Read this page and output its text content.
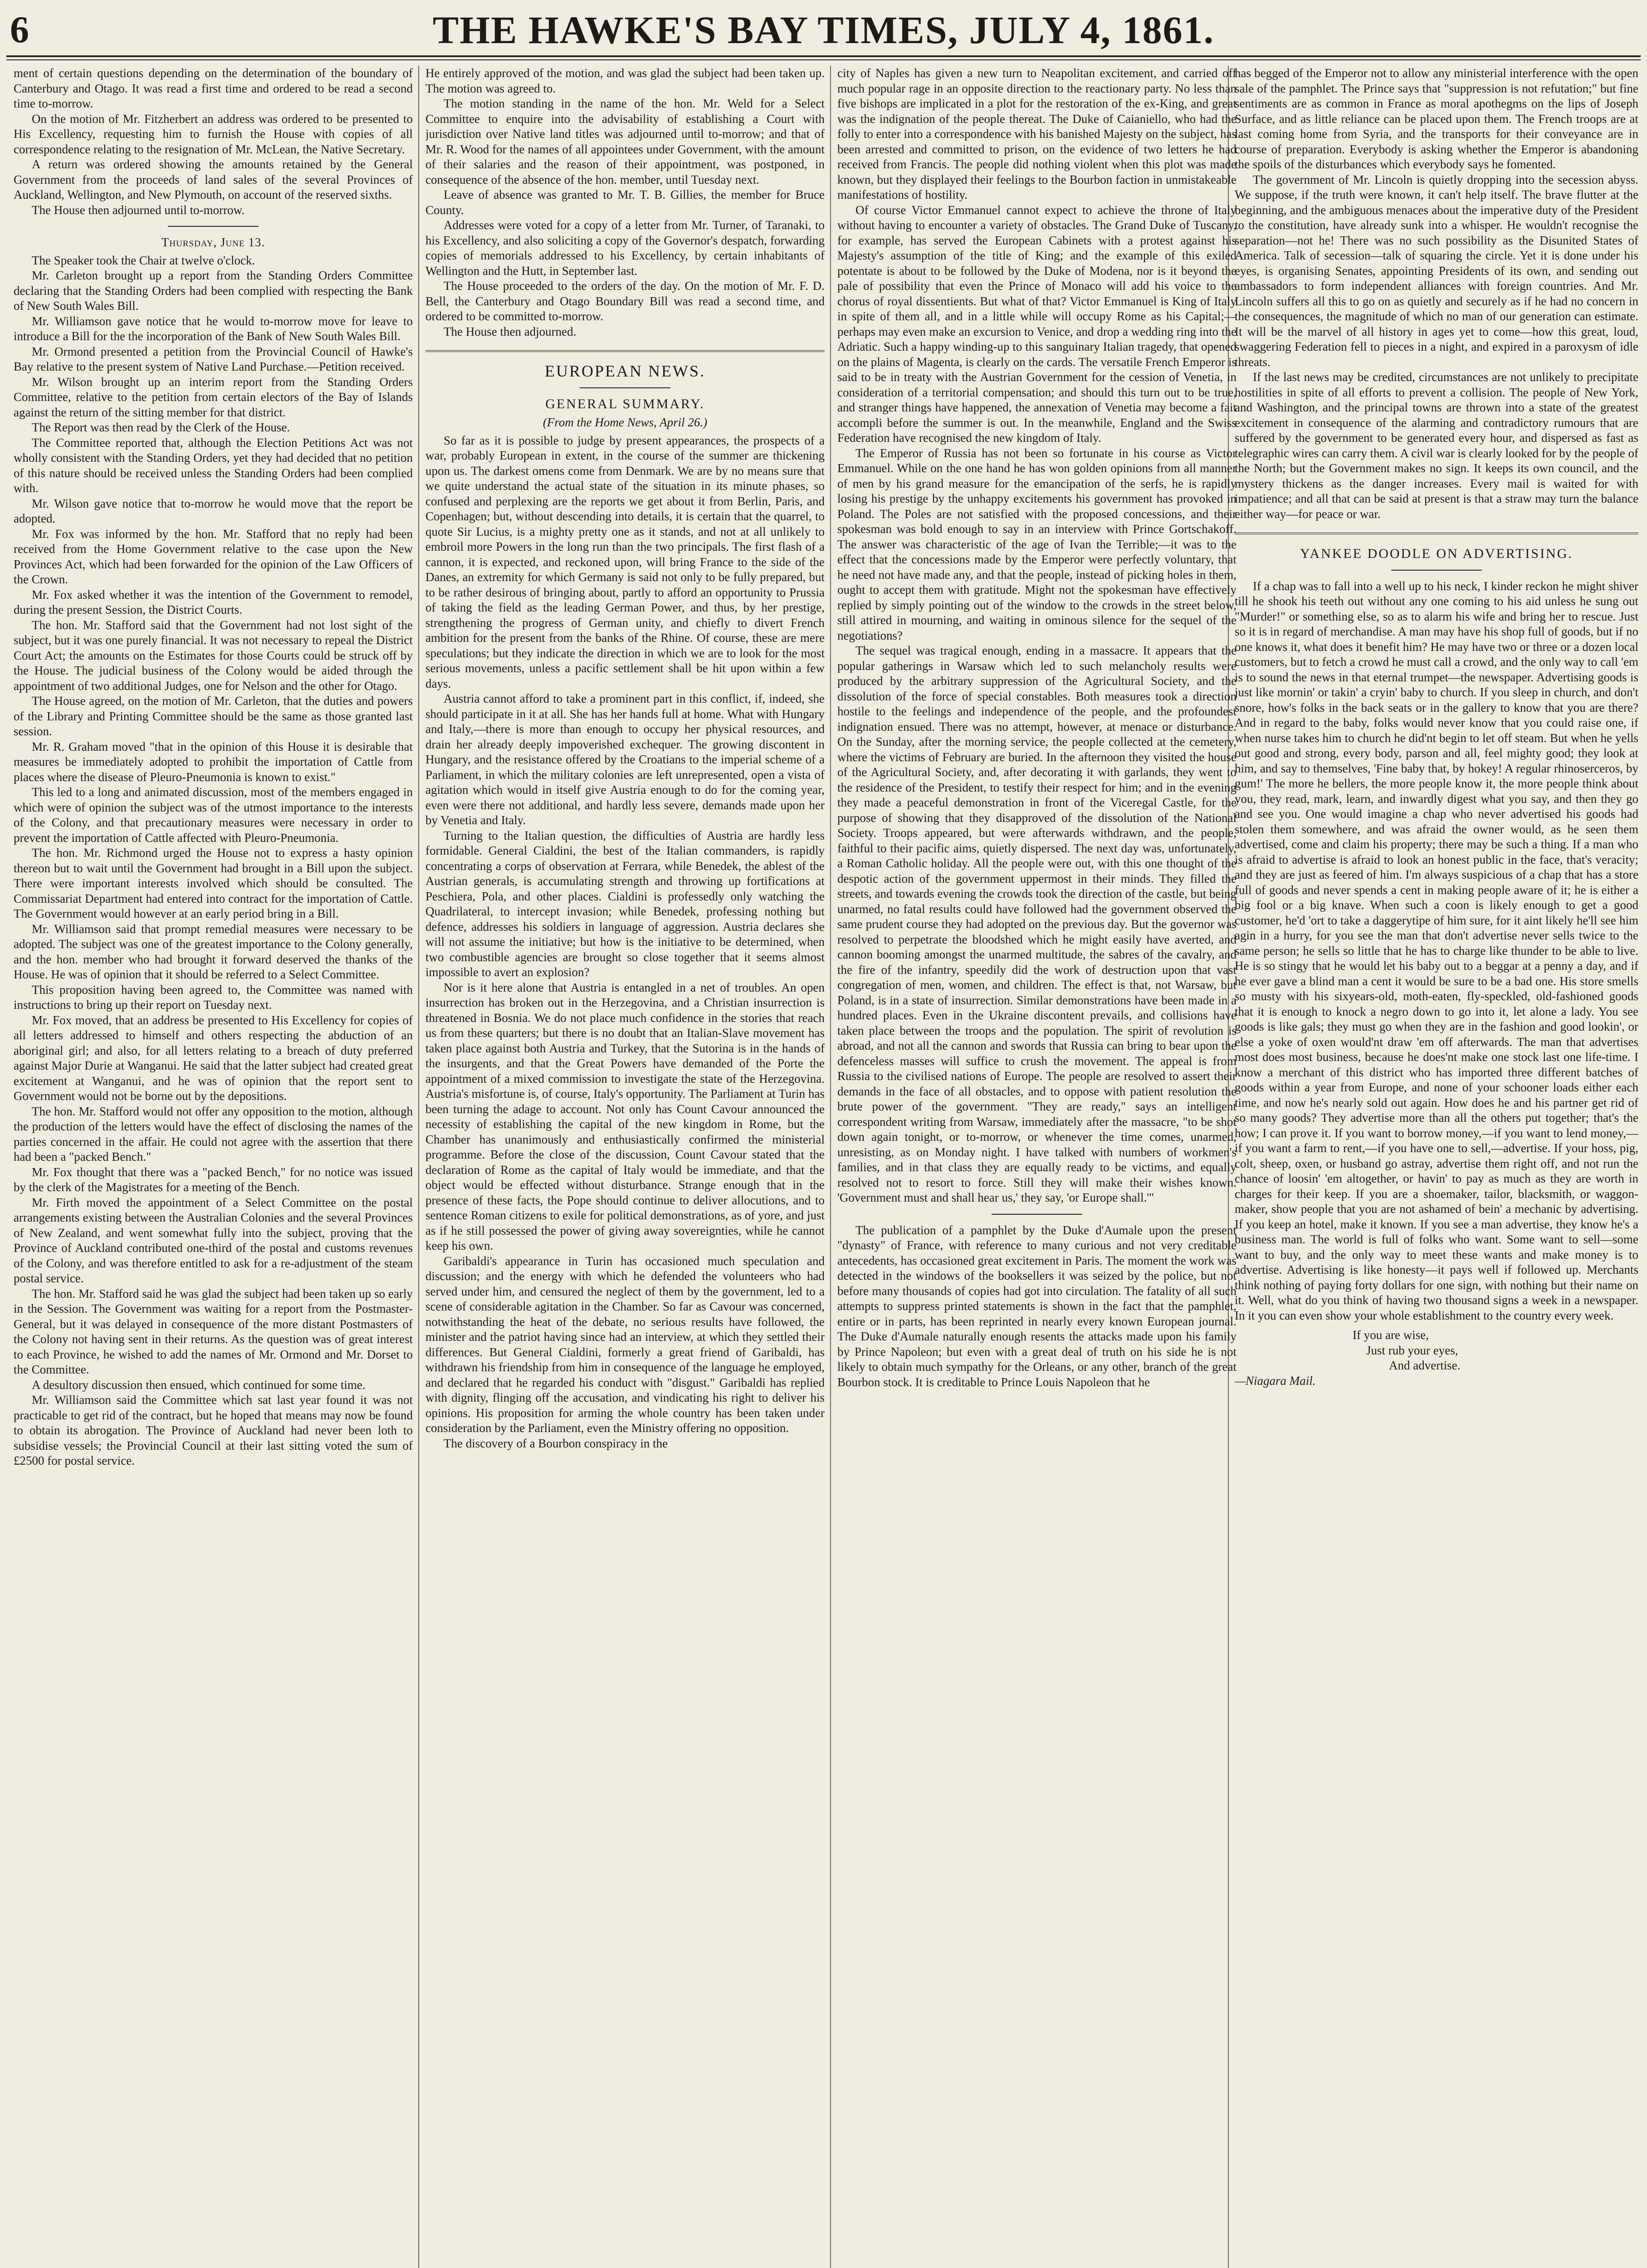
6	THE HAWKE'S BAY TIMES, JULY 4, 1861.

ment of certain questions depending on the determination of the boundary of Canterbury and Otago. It was read a first time and ordered to be read a second time to-morrow.

On the motion of Mr. Fitzherbert an address was ordered to be presented to His Excellency, requesting him to furnish the House with copies of all correspondence relating to the resignation of Mr. McLean, the Native Secretary.

A return was ordered showing the amounts retained by the General Government from the proceeds of land sales of the several Provinces of Auckland, Wellington, and New Plymouth, on account of the reserved sixths.

The House then adjourned until to-morrow.

Thursday, June 13.

The Speaker took the Chair at twelve o'clock.

Mr. Carleton brought up a report from the Standing Orders Committee declaring that the Standing Orders had been complied with respecting the Bank of New South Wales Bill.

Mr. Williamson gave notice that he would to-morrow move for leave to introduce a Bill for the the incorporation of the Bank of New South Wales Bill.

Mr. Ormond presented a petition from the Provincial Council of Hawke's Bay relative to the present system of Native Land Purchase.—Petition received.

Mr. Wilson brought up an interim report from the Standing Orders Committee, relative to the petition from certain electors of the Bay of Islands against the return of the sitting member for that district.

The Report was then read by the Clerk of the House.

The Committee reported that, although the Election Petitions Act was not wholly consistent with the Standing Orders, yet they had decided that no petition of this nature should be received unless the Standing Orders had been complied with.

Mr. Wilson gave notice that to-morrow he would move that the report be adopted.

Mr. Fox was informed by the hon. Mr. Stafford that no reply had been received from the Home Government relative to the case upon the New Provinces Act, which had been forwarded for the opinion of the Law Officers of the Crown.

Mr. Fox asked whether it was the intention of the Government to remodel, during the present Session, the District Courts.

The hon. Mr. Stafford said that the Government had not lost sight of the subject, but it was one purely financial. It was not necessary to repeal the District Court Act; the amounts on the Estimates for those Courts could be struck off by the House. The judicial business of the Colony would be aided through the appointment of two additional Judges, one for Nelson and the other for Otago.

The House agreed, on the motion of Mr. Carleton, that the duties and powers of the Library and Printing Committee should be the same as those granted last session.

Mr. R. Graham moved "that in the opinion of this House it is desirable that measures be immediately adopted to prohibit the importation of Cattle from places where the disease of Pleuro-Pneumonia is known to exist."

This led to a long and animated discussion, most of the members engaged in which were of opinion the subject was of the utmost importance to the interests of the Colony, and that precautionary measures were necessary in order to prevent the importation of Cattle affected with Pleuro-Pneumonia.

The hon. Mr. Richmond urged the House not to express a hasty opinion thereon but to wait until the Government had brought in a Bill upon the subject. There were important interests involved which should be consulted. The Commissariat Department had entered into contract for the importation of Cattle. The Government would however at an early period bring in a Bill.

Mr. Williamson said that prompt remedial measures were necessary to be adopted. The subject was one of the greatest importance to the Colony generally, and the hon. member who had brought it forward deserved the thanks of the House. He was of opinion that it should be referred to a Select Committee.

This proposition having been agreed to, the Committee was named with instructions to bring up their report on Tuesday next.

Mr. Fox moved, that an address be presented to His Excellency for copies of all letters addressed to himself and others respecting the abduction of an aboriginal girl; and also, for all letters relating to a breach of duty preferred against Major Durie at Wanganui. He said that the latter subject had created great excitement at Wanganui, and he was of opinion that the report sent to Government would not be borne out by the depositions.

The hon. Mr. Stafford would not offer any opposition to the motion, although the production of the letters would have the effect of disclosing the names of the parties concerned in the affair. He could not agree with the assertion that there had been a "packed Bench."

Mr. Fox thought that there was a "packed Bench," for no notice was issued by the clerk of the Magistrates for a meeting of the Bench.

Mr. Firth moved the appointment of a Select Committee on the postal arrangements existing between the Australian Colonies and the several Provinces of New Zealand, and went somewhat fully into the subject, proving that the Province of Auckland contributed one-third of the postal and customs revenues of the Colony, and was therefore entitled to ask for a re-adjustment of the steam postal service.

The hon. Mr. Stafford said he was glad the subject had been taken up so early in the Session. The Government was waiting for a report from the Postmaster-General, but it was delayed in consequence of the more distant Postmasters of the Colony not having sent in their returns. As the question was of great interest to each Province, he wished to add the names of Mr. Ormond and Mr. Dorset to the Committee.

A desultory discussion then ensued, which continued for some time.

Mr. Williamson said the Committee which sat last year found it was not practicable to get rid of the contract, but he hoped that means may now be found to obtain its abrogation. The Province of Auckland had never been loth to subsidise vessels; the Provincial Council at their last sitting voted the sum of £2500 for postal service.

He entirely approved of the motion, and was glad the subject had been taken up. The motion was agreed to.

The motion standing in the name of the hon. Mr. Weld for a Select Committee to enquire into the advisability of establishing a Court with jurisdiction over Native land titles was adjourned until to-morrow; and that of Mr. R. Wood for the names of all appointees under Government, with the amount of their salaries and the reason of their appointment, was postponed, in consequence of the absence of the hon. member, until Tuesday next.

Leave of absence was granted to Mr. T. B. Gillies, the member for Bruce County.

Addresses were voted for a copy of a letter from Mr. Turner, of Taranaki, to his Excellency, and also soliciting a copy of the Governor's despatch, forwarding copies of memorials addressed to his Excellency, by certain inhabitants of Wellington and the Hutt, in September last.

The House proceeded to the orders of the day. On the motion of Mr. F. D. Bell, the Canterbury and Otago Boundary Bill was read a second time, and ordered to be committed to-morrow.

The House then adjourned.

EUROPEAN NEWS.
GENERAL SUMMARY.
(From the Home News, April 26.)

So far as it is possible to judge by present appearances, the prospects of a war, probably European in extent, in the course of the summer are thickening upon us. The darkest omens come from Denmark. We are by no means sure that we quite understand the actual state of the situation in its minute phases, so confused and perplexing are the reports we get about it from Berlin, Paris, and Copenhagen; but, without descending into details, it is certain that the quarrel, to quote Sir Lucius, is a mighty pretty one as it stands, and not at all unlikely to embroil more Powers in the long run than the two principals. The first flash of a cannon, it is expected, and reckoned upon, will bring France to the side of the Danes, an extremity for which Germany is said not only to be fully prepared, but to be rather desirous of bringing about, partly to afford an opportunity to Prussia of taking the field as the leading German Power, and thus, by her prestige, strengthening the progress of German unity, and chiefly to divert French ambition for the present from the banks of the Rhine. Of course, these are mere speculations; but they indicate the direction in which we are to look for the most serious movements, unless a pacific settlement shall be hit upon within a few days.

Austria cannot afford to take a prominent part in this conflict, if, indeed, she should participate in it at all. She has her hands full at home. What with Hungary and Italy,—there is more than enough to occupy her physical resources, and drain her already deeply impoverished exchequer. The growing discontent in Hungary, and the resistance offered by the Croatians to the imperial scheme of a Parliament, in which the military colonies are left unrepresented, open a vista of agitation which would in itself give Austria enough to do for the coming year, even were there not additional, and hardly less severe, demands made upon her by Venetia and Italy.

Turning to the Italian question, the difficulties of Austria are hardly less formidable. General Cialdini, the best of the Italian commanders, is rapidly concentrating a corps of observation at Ferrara, while Benedek, the ablest of the Austrian generals, is accumulating strength and throwing up fortifications at Peschiera, Pola, and other places. Cialdini is professedly only watching the Quadrilateral, to intercept invasion; while Benedek, professing nothing but defence, addresses his soldiers in language of aggression. Austria declares she will not assume the initiative; but how is the initiative to be determined, when two combustible agencies are brought so close together that it seems almost impossible to avert an explosion?

Nor is it here alone that Austria is entangled in a net of troubles. An open insurrection has broken out in the Herzegovina, and a Christian insurrection is threatened in Bosnia. We do not place much confidence in the stories that reach us from these quarters; but there is no doubt that an Italian-Slave movement has taken place against both Austria and Turkey, that the Sutorina is in the hands of the insurgents, and that the Great Powers have demanded of the Porte the appointment of a mixed commission to investigate the state of the Herzegovina. Austria's misfortune is, of course, Italy's opportunity. The Parliament at Turin has been turning the adage to account. Not only has Count Cavour announced the necessity of establishing the capital of the new kingdom in Rome, but the Chamber has unanimously and enthusiastically confirmed the ministerial programme. Before the close of the discussion, Count Cavour stated that the declaration of Rome as the capital of Italy would be immediate, and that the object would be effected without disturbance. Strange enough that in the presence of these facts, the Pope should continue to deliver allocutions, and to sentence Roman citizens to exile for political demonstrations, as of yore, and just as if he still possessed the power of giving away sovereignties, while he cannot keep his own.

Garibaldi's appearance in Turin has occasioned much speculation and discussion; and the energy with which he defended the volunteers who had served under him, and censured the neglect of them by the government, led to a scene of considerable agitation in the Chamber. So far as Cavour was concerned, notwithstanding the heat of the debate, no serious results have followed, the minister and the patriot having since had an interview, at which they settled their differences. But General Cialdini, formerly a great friend of Garibaldi, has withdrawn his friendship from him in consequence of the language he employed, and declared that he regarded his conduct with "disgust." Garibaldi has replied with dignity, flinging off the accusation, and vindicating his right to deliver his opinions. His proposition for arming the whole country has been taken under consideration by the Parliament, even the Ministry offering no opposition.

The discovery of a Bourbon conspiracy in the

city of Naples has given a new turn to Neapolitan excitement, and carried off much popular rage in an opposite direction to the reactionary party. No less than five bishops are implicated in a plot for the restoration of the ex-King, and great was the indignation of the people thereat. The Duke of Caianiello, who had the folly to enter into a correspondence with his banished Majesty on the subject, has been arrested and committed to prison, on the evidence of two letters he had received from Francis. The people did nothing violent when this plot was made known, but they displayed their feelings to the Bourbon faction in unmistakeable manifestations of hostility.

Of course Victor Emmanuel cannot expect to achieve the throne of Italy without having to encounter a variety of obstacles. The Grand Duke of Tuscany, for example, has served the European Cabinets with a protest against his Majesty's assumption of the title of King; and the example of this exiled potentate is about to be followed by the Duke of Modena, nor is it beyond the pale of possibility that even the Prince of Monaco will add his voice to the chorus of royal dissentients. But what of that? Victor Emmanuel is King of Italy in spite of them all, and in a little while will occupy Rome as his Capital;—perhaps may even make an excursion to Venice, and drop a wedding ring into the Adriatic. Such a happy winding-up to this sanguinary Italian tragedy, that opened on the plains of Magenta, is clearly on the cards. The versatile French Emperor is said to be in treaty with the Austrian Government for the cession of Venetia, in consideration of a territorial compensation; and should this turn out to be true, and stranger things have happened, the annexation of Venetia may become a fait accompli before the summer is out. In the meanwhile, England and the Swiss Federation have recognised the new kingdom of Italy.

The Emperor of Russia has not been so fortunate in his course as Victor Emmanuel. While on the one hand he has won golden opinions from all manner of men by his grand measure for the emancipation of the serfs, he is rapidly losing his prestige by the unhappy excitements his government has provoked in Poland. The Poles are not satisfied with the proposed concessions, and their spokesman was bold enough to say in an interview with Prince Gortschakoff. The answer was characteristic of the age of Ivan the Terrible;—it was to the effect that the concessions made by the Emperor were perfectly voluntary, that he need not have made any, and that the people, instead of picking holes in them, ought to accept them with gratitude. Might not the spokesman have effectively replied by simply pointing out of the window to the crowds in the street below, still attired in mourning, and waiting in ominous silence for the sequel of the negotiations?

The sequel was tragical enough, ending in a massacre. It appears that the popular gatherings in Warsaw which led to such melancholy results were produced by the arbitrary suppression of the Agricultural Society, and the dissolution of the force of special constables. Both measures took a direction hostile to the feelings and independence of the people, and the profoundest indignation ensued. There was no attempt, however, at menace or disturbance. On the Sunday, after the morning service, the people collected at the cemetery, where the victims of February are buried. In the afternoon they visited the house of the Agricultural Society, and, after decorating it with garlands, they went to the residence of the President, to testify their respect for him; and in the evening they made a peaceful demonstration in front of the Viceregal Castle, for the purpose of showing that they disapproved of the dissolution of the National Society. Troops appeared, but were afterwards withdrawn, and the people, faithful to their pacific aims, quietly dispersed. The next day was, unfortunately, a Roman Catholic holiday. All the people were out, with this one thought of the despotic action of the government uppermost in their minds. They filled the streets, and towards evening the crowds took the direction of the castle, but being unarmed, no fatal results could have followed had the government observed the same prudent course they had adopted on the previous day. But the governor was resolved to perpetrate the bloodshed which he might easily have averted, and cannon booming amongst the unarmed multitude, the sabres of the cavalry, and the fire of the infantry, speedily did the work of destruction upon that vast congregation of men, women, and children. The effect is that, not Warsaw, but Poland, is in a state of insurrection. Similar demonstrations have been made in a hundred places. Even in the Ukraine discontent prevails, and collisions have taken place between the troops and the population. The spirit of revolution is abroad, and not all the cannon and swords that Russia can bring to bear upon the defenceless masses will suffice to crush the movement. The appeal is from Russia to the civilised nations of Europe. The people are resolved to assert their demands in the face of all obstacles, and to oppose with patient resolution the brute power of the government. "They are ready," says an intelligent correspondent writing from Warsaw, immediately after the massacre, "to be shot down again tonight, or to-morrow, or whenever the time comes, unarmed, unresisting, as on Monday night. I have talked with numbers of workmen's families, and in that class they are equally ready to be victims, and equally resolved not to resort to force. Still they will make their wishes known. 'Government must and shall hear us,' they say, 'or Europe shall.'"

The publication of a pamphlet by the Duke d'Aumale upon the present "dynasty" of France, with reference to many curious and not very creditable antecedents, has occasioned great excitement in Paris. The moment the work was detected in the windows of the booksellers it was seized by the police, but not before many thousands of copies had got into circulation. The fatality of all such attempts to suppress printed statements is shown in the fact that the pamphlet, entire or in parts, has been reprinted in nearly every known European journal. The Duke d'Aumale naturally enough resents the attacks made upon his family by Prince Napoleon; but even with a great deal of truth on his side he is not likely to obtain much sympathy for the Orleans, or any other, branch of the great Bourbon stock. It is creditable to Prince Louis Napoleon that he

has begged of the Emperor not to allow any ministerial interference with the open sale of the pamphlet. The Prince says that "suppression is not refutation;" but fine sentiments are as common in France as moral apothegms on the lips of Joseph Surface, and as little reliance can be placed upon them. The French troops are at last coming home from Syria, and the transports for their conveyance are in course of preparation. Everybody is asking whether the Emperor is abandoning the spoils of the disturbances which everybody says he fomented.

The government of Mr. Lincoln is quietly dropping into the secession abyss. We suppose, if the truth were known, it can't help itself. The brave flutter at the beginning, and the ambiguous menaces about the imperative duty of the President to the constitution, have already sunk into a whisper. He wouldn't recognise the separation—not he! There was no such possibility as the Disunited States of America. Talk of secession—talk of squaring the circle. Yet it is done under his eyes, is organising Senates, appointing Presidents of its own, and sending out ambassadors to form independent alliances with foreign countries. And Mr. Lincoln suffers all this to go on as quietly and securely as if he had no concern in the consequences, the magnitude of which no man of our generation can estimate. It will be the marvel of all history in ages yet to come—how this great, loud, swaggering Federation fell to pieces in a night, and expired in a paroxysm of idle threats.

If the last news may be credited, circumstances are not unlikely to precipitate hostilities in spite of all efforts to prevent a collision. The people of New York, and Washington, and the principal towns are thrown into a state of the greatest excitement in consequence of the alarming and contradictory rumours that are suffered by the government to be generated every hour, and dispersed as fast as telegraphic wires can carry them. A civil war is clearly looked for by the people of the North; but the Government makes no sign. It keeps its own council, and the mystery thickens as the danger increases. Every mail is waited for with impatience; and all that can be said at present is that a straw may turn the balance either way—for peace or war.

YANKEE DOODLE ON ADVERTISING.

If a chap was to fall into a well up to his neck, I kinder reckon he might shiver till he shook his teeth out without any one coming to his aid unless he sung out "Murder!" or something else, so as to alarm his wife and bring her to rescue. Just so it is in regard of merchandise. A man may have his shop full of goods, but if no one knows it, what does it benefit him? He may have two or three or a dozen local customers, but to fetch a crowd he must call a crowd, and the only way to call 'em is to sound the news in that eternal trumpet—the newspaper. Advertising goods is just like mornin' or takin' a cryin' baby to church. If you sleep in church, and don't snore, how's folks in the back seats or in the gallery to know that you are there? And in regard to the baby, folks would never know that you could raise one, if when nurse takes him to church he did'nt begin to let off steam. But when he yells out good and strong, every body, parson and all, feel mighty good; they look at him, and say to themselves, 'Fine baby that, by hokey! A regular rhinoserceros, by gum!' The more he bellers, the more people know it, the more people think about you, they read, mark, learn, and inwardly digest what you say, and then they go and see you. One would imagine a chap who never advertised his goods had stolen them somewhere, and was afraid the owner would, as he seen them advertised, come and claim his property; there may be such a thing. If a man who is afraid to advertise is afraid to look an honest public in the face, that's veracity; and they are just as feered of him. I'm always suspicious of a chap that has a store full of goods and never spends a cent in making people aware of it; he is either a big fool or a big knave. When such a coon is likely enough to get a good customer, he'd 'ort to take a daggerytipe of him sure, for it aint likely he'll see him agin in a hurry, for you see the man that don't advertise never sells twice to the same person; he sells so little that he has to charge like thunder to be able to live. He is so stingy that he would let his baby out to a beggar at a penny a day, and if he ever gave a blind man a cent it would be sure to be a bad one. His store smells so musty with his sixyears-old, moth-eaten, fly-speckled, old-fashioned goods that it is enough to knock a negro down to go into it, let alone a lady. You see goods is like gals; they must go when they are in the fashion and good lookin', or else a yoke of oxen would'nt draw 'em off afterwards. The man that advertises most does most business, because he does'nt make one stock last one life-time. I know a merchant of this district who has imported three different batches of goods within a year from Europe, and none of your schooner loads either each time, and now he's nearly sold out again. How does he and his partner get rid of so many goods? They advertise more than all the others put together; that's the how; I can prove it. If you want to borrow money,—if you want to lend money,—if you want a farm to rent,—if you have one to sell,—advertise. If your hoss, pig, colt, sheep, oxen, or husband go astray, advertise them right off, and not run the chance of loosin' 'em altogether, or havin' to pay as much as they are worth in charges for their keep. If you are a shoemaker, tailor, blacksmith, or waggon-maker, show people that you are not ashamed of bein' a mechanic by advertising. If you keep an hotel, make it known. If you see a man advertise, they know he's a business man. The world is full of folks who want. Some want to sell—some want to buy, and the only way to meet these wants and make money is to advertise. Advertising is like honesty—it pays well if followed up. Merchants think nothing of paying forty dollars for one sign, with nothing but their name on it. Well, what do you think of having two thousand signs a week in a newspaper. In it you can even show your whole establishment to the country every week.

If you are wise,
Just rub your eyes,
And advertise.

—Niagara Mail.
